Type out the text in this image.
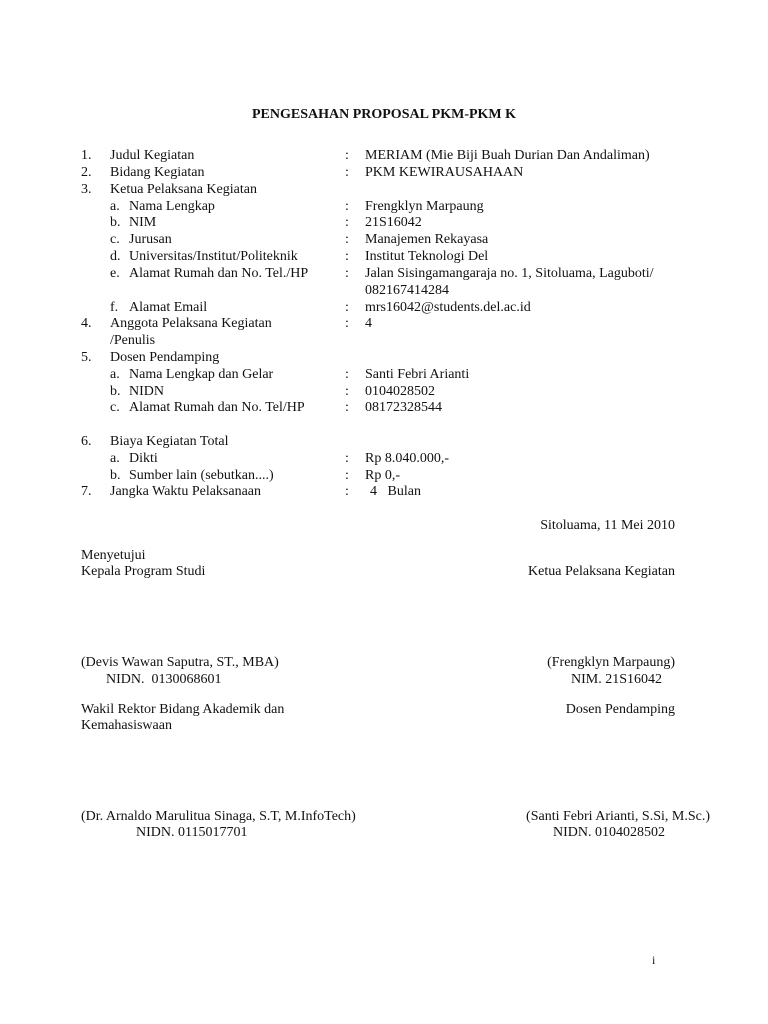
PENGESAHAN PROPOSAL PKM-PKM K
1. Judul Kegiatan	: MERIAM (Mie Biji Buah Durian Dan Andaliman)
2. Bidang Kegiatan	: PKM KEWIRAUSAHAAN
3. Ketua Pelaksana Kegiatan
a. Nama Lengkap	: Frengklyn Marpaung
b. NIM	: 21S16042
c. Jurusan	: Manajemen Rekayasa
d. Universitas/Institut/Politeknik	: Institut Teknologi Del
e. Alamat Rumah dan No. Tel./HP	: Jalan Sisingamangaraja no. 1, Sitoluama, Laguboti/
082167414284
f. Alamat Email	: mrs16042@students.del.ac.id
4. Anggota Pelaksana Kegiatan	: 4
/Penulis
5. Dosen Pendamping
a. Nama Lengkap dan Gelar	: Santi Febri Arianti
b. NIDN	: 0104028502
c. Alamat Rumah dan No. Tel/HP	: 08172328544
6. Biaya Kegiatan Total
a. Dikti	: Rp 8.040.000,-
b. Sumber lain (sebutkan....)	: Rp 0,-
7. Jangka Waktu Pelaksanaan	: 4   Bulan
Sitoluama, 11 Mei 2010
Menyetujui
Kepala Program Studi	Ketua Pelaksana Kegiatan
(Devis Wawan Saputra, ST., MBA)
NIDN.  0130068601
(Frengklyn Marpaung)
NIM. 21S16042
Wakil Rektor Bidang Akademik dan
Kemahasiswaan
Dosen Pendamping
(Dr. Arnaldo Marulitua Sinaga, S.T, M.InfoTech)
NIDN. 0115017701
(Santi Febri Arianti, S.Si, M.Sc.)
NIDN. 0104028502
i
